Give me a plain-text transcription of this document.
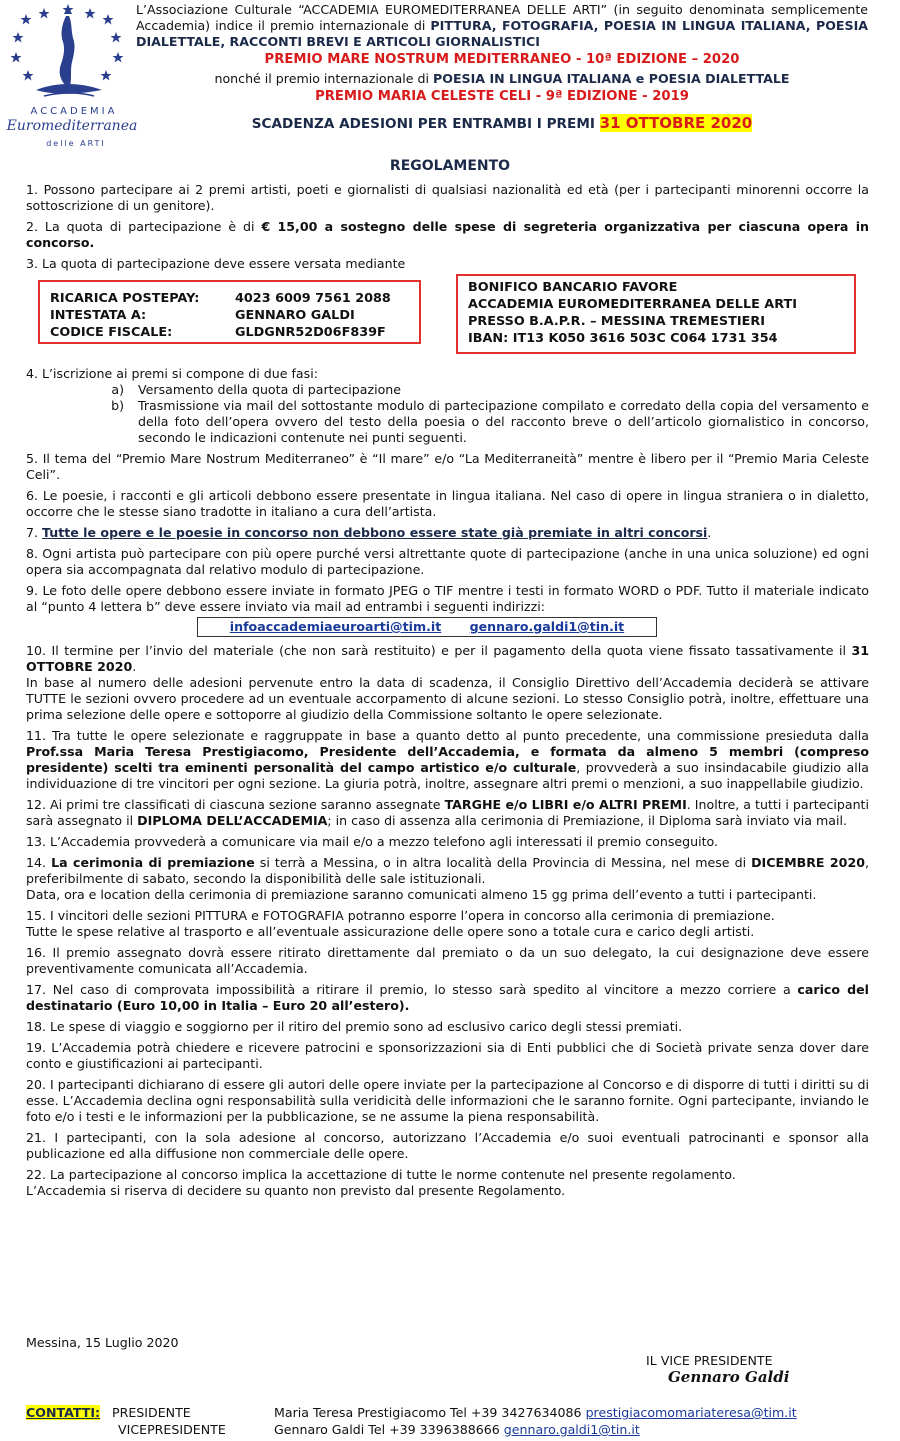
ACCADEMIA
Euromediterranea
delle ARTI

L’Associazione Culturale “ACCADEMIA EUROMEDITERRANEA DELLE ARTI” (in seguito denominata semplicemente Accademia) indice il premio internazionale di PITTURA, FOTOGRAFIA, POESIA IN LINGUA ITALIANA, POESIA DIALETTALE, RACCONTI BREVI E ARTICOLI GIORNALISTICI

PREMIO MARE NOSTRUM MEDITERRANEO - 10ª EDIZIONE – 2020

nonché il premio internazionale di POESIA IN LINGUA ITALIANA e POESIA DIALETTALE

PREMIO MARIA CELESTE CELI - 9ª EDIZIONE - 2019

SCADENZA ADESIONI PER ENTRAMBI I PREMI 31 OTTOBRE 2020

REGOLAMENTO

1. Possono partecipare ai 2 premi artisti, poeti e giornalisti di qualsiasi nazionalità ed età (per i partecipanti minorenni occorre la sottoscrizione di un genitore).

2. La quota di partecipazione è di € 15,00 a sostegno delle spese di segreteria organizzativa per ciascuna opera in concorso.

3. La quota di partecipazione deve essere versata mediante

RICARICA POSTEPAY:	4023 6009 7561 2088
INTESTATA A:	GENNARO GALDI
CODICE FISCALE:	GLDGNR52D06F839F
BONIFICO BANCARIO FAVORE
ACCADEMIA EUROMEDITERRANEA DELLE ARTI
PRESSO B.A.P.R. – MESSINA TREMESTIERI
IBAN: IT13 K050 3616 503C C064 1731 354

4. L’iscrizione ai premi si compone di due fasi:

a)	Versamento della quota di partecipazione
b)	Trasmissione via mail del sottostante modulo di partecipazione compilato e corredato della copia del versamento e della foto dell’opera ovvero del testo della poesia o del racconto breve o dell’articolo giornalistico in concorso, secondo le indicazioni contenute nei punti seguenti.

5. Il tema del “Premio Mare Nostrum Mediterraneo” è “Il mare” e/o “La Mediterraneità” mentre è libero per il “Premio Maria Celeste Celi”.

6. Le poesie, i racconti e gli articoli debbono essere presentate in lingua italiana. Nel caso di opere in lingua straniera o in dialetto, occorre che le stesse siano tradotte in italiano a cura dell’artista.

7. Tutte le opere e le poesie in concorso non debbono essere state già premiate in altri concorsi.

8. Ogni artista può partecipare con più opere purché versi altrettante quote di partecipazione (anche in una unica soluzione) ed ogni opera sia accompagnata dal relativo modulo di partecipazione.

9. Le foto delle opere debbono essere inviate in formato JPEG o TIF mentre i testi in formato WORD o PDF. Tutto il materiale indicato al “punto 4 lettera b” deve essere inviato via mail ad entrambi i seguenti indirizzi:

infoaccademiaeuroarti@tim.it gennaro.galdi1@tin.it

10. Il termine per l’invio del materiale (che non sarà restituito) e per il pagamento della quota viene fissato tassativamente il 31 OTTOBRE 2020.

In base al numero delle adesioni pervenute entro la data di scadenza, il Consiglio Direttivo dell’Accademia deciderà se attivare TUTTE le sezioni ovvero procedere ad un eventuale accorpamento di alcune sezioni. Lo stesso Consiglio potrà, inoltre, effettuare una prima selezione delle opere e sottoporre al giudizio della Commissione soltanto le opere selezionate.

11. Tra tutte le opere selezionate e raggruppate in base a quanto detto al punto precedente, una commissione presieduta dalla Prof.ssa Maria Teresa Prestigiacomo, Presidente dell’Accademia, e formata da almeno 5 membri (compreso presidente) scelti tra eminenti personalità del campo artistico e/o culturale, provvederà a suo insindacabile giudizio alla individuazione di tre vincitori per ogni sezione. La giuria potrà, inoltre, assegnare altri premi o menzioni, a suo inappellabile giudizio.

12. Ai primi tre classificati di ciascuna sezione saranno assegnate TARGHE e/o LIBRI e/o ALTRI PREMI. Inoltre, a tutti i partecipanti sarà assegnato il DIPLOMA DELL’ACCADEMIA; in caso di assenza alla cerimonia di Premiazione, il Diploma sarà inviato via mail.

13. L’Accademia provvederà a comunicare via mail e/o a mezzo telefono agli interessati il premio conseguito.

14. La cerimonia di premiazione si terrà a Messina, o in altra località della Provincia di Messina, nel mese di DICEMBRE 2020, preferibilmente di sabato, secondo la disponibilità delle sale istituzionali.

Data, ora e location della cerimonia di premiazione saranno comunicati almeno 15 gg prima dell’evento a tutti i partecipanti.

15. I vincitori delle sezioni PITTURA e FOTOGRAFIA potranno esporre l’opera in concorso alla cerimonia di premiazione.

Tutte le spese relative al trasporto e all’eventuale assicurazione delle opere sono a totale cura e carico degli artisti.

16. Il premio assegnato dovrà essere ritirato direttamente dal premiato o da un suo delegato, la cui designazione deve essere preventivamente comunicata all’Accademia.

17. Nel caso di comprovata impossibilità a ritirare il premio, lo stesso sarà spedito al vincitore a mezzo corriere a carico del destinatario (Euro 10,00 in Italia – Euro 20 all’estero).

18. Le spese di viaggio e soggiorno per il ritiro del premio sono ad esclusivo carico degli stessi premiati.

19. L’Accademia potrà chiedere e ricevere patrocini e sponsorizzazioni sia di Enti pubblici che di Società private senza dover dare conto e giustificazioni ai partecipanti.

20. I partecipanti dichiarano di essere gli autori delle opere inviate per la partecipazione al Concorso e di disporre di tutti i diritti su di esse. L’Accademia declina ogni responsabilità sulla veridicità delle informazioni che le saranno fornite. Ogni partecipante, inviando le foto e/o i testi e le informazioni per la pubblicazione, se ne assume la piena responsabilità.

21. I partecipanti, con la sola adesione al concorso, autorizzano l’Accademia e/o suoi eventuali patrocinanti e sponsor alla publicazione ed alla diffusione non commerciale delle opere.

22. La partecipazione al concorso implica la accettazione di tutte le norme contenute nel presente regolamento.

L’Accademia si riserva di decidere su quanto non previsto dal presente Regolamento.

Messina, 15 Luglio 2020
IL VICE PRESIDENTE
Gennaro Galdi
CONTATTI: PRESIDENTE	Maria Teresa Prestigiacomo Tel +39 3427634086 prestigiacomomariateresa@tim.it
VICEPRESIDENTE	Gennaro Galdi Tel +39 3396388666 gennaro.galdi1@tin.it
